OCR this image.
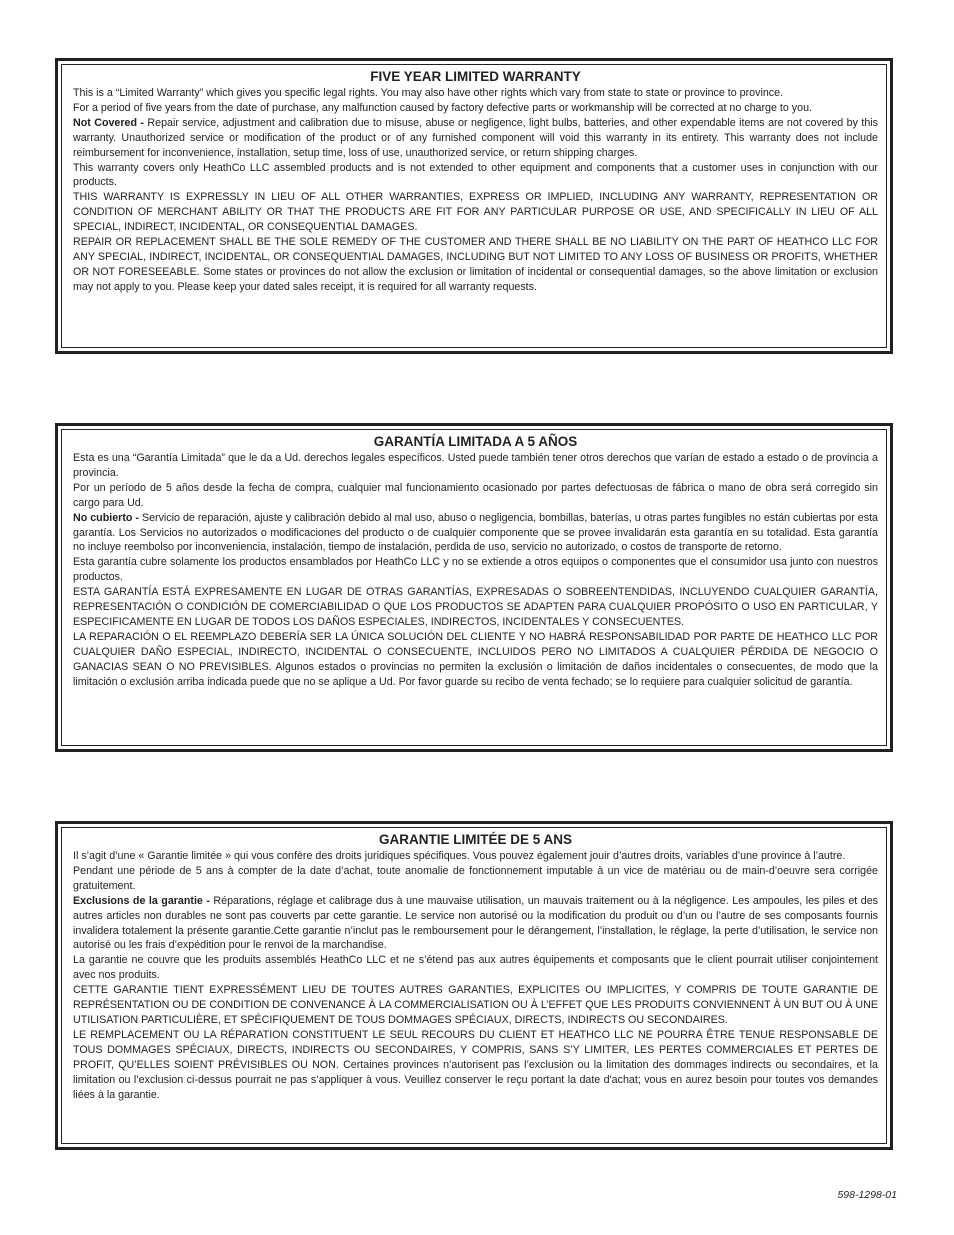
FIVE YEAR LIMITED WARRANTY

This is a “Limited Warranty” which gives you specific legal rights. You may also have other rights which vary from state to state or province to province.

For a period of five years from the date of purchase, any malfunction caused by factory defective parts or workmanship will be corrected at no charge to you.

Not Covered - Repair service, adjustment and calibration due to misuse, abuse or negligence, light bulbs, batteries, and other expendable items are not covered by this warranty. Unauthorized service or modification of the product or of any furnished component will void this warranty in its entirety. This warranty does not include reimbursement for inconvenience, installation, setup time, loss of use, unauthorized service, or return shipping charges.

This warranty covers only HeathCo LLC assembled products and is not extended to other equipment and components that a customer uses in conjunction with our products.

THIS WARRANTY IS EXPRESSLY IN LIEU OF ALL OTHER WARRANTIES, EXPRESS OR IMPLIED, INCLUDING ANY WARRANTY, REPRESENTATION OR CONDITION OF MERCHANT ABILITY OR THAT THE PRODUCTS ARE FIT FOR ANY PARTICULAR PURPOSE OR USE, AND SPECIFICALLY IN LIEU OF ALL SPECIAL, INDIRECT, INCIDENTAL, OR CONSEQUENTIAL DAMAGES.

REPAIR OR REPLACEMENT SHALL BE THE SOLE REMEDY OF THE CUSTOMER AND THERE SHALL BE NO LIABILITY ON THE PART OF HEATHCO LLC FOR ANY SPECIAL, INDIRECT, INCIDENTAL, OR CONSEQUENTIAL DAMAGES, INCLUDING BUT NOT LIMITED TO ANY LOSS OF BUSINESS OR PROFITS, WHETHER OR NOT FORESEEABLE. Some states or provinces do not allow the exclusion or limitation of incidental or consequential damages, so the above limitation or exclusion may not apply to you. Please keep your dated sales receipt, it is required for all warranty requests.

GARANTÍA LIMITADA A 5 AÑOS

Esta es una “Garantía Limitada” que le da a Ud. derechos legales específicos. Usted puede también tener otros derechos que varían de estado a estado o de provincia a provincia.

Por un período de 5 años desde la fecha de compra, cualquier mal funcionamiento ocasionado por partes defectuosas de fábrica o mano de obra será corregido sin cargo para Ud.

No cubierto - Servicio de reparación, ajuste y calibración debido al mal uso, abuso o negligencia, bombillas, baterías, u otras partes fungibles no están cubiertas por esta garantía. Los Servicios no autorizados o modificaciones del producto o de cualquier componente que se provee invalidarán esta garantía en su totalidad. Esta garantía no incluye reembolso por inconveniencia, instalación, tiempo de instalación, perdida de uso, servicio no autorizado, o costos de transporte de retorno.

Esta garantía cubre solamente los productos ensamblados por HeathCo LLC y no se extiende a otros equipos o componentes que el consumidor usa junto con nuestros productos.

ESTA GARANTÍA ESTÁ EXPRESAMENTE EN LUGAR DE OTRAS GARANTÍAS, EXPRESADAS O SOBREENTENDIDAS, INCLUYENDO CUALQUIER GARANTÍA, REPRESENTACIÓN O CONDICIÓN DE COMERCIABILIDAD O QUE LOS PRODUCTOS SE ADAPTEN PARA CUALQUIER PROPÓSITO O USO EN PARTICULAR, Y ESPECIFICAMENTE EN LUGAR DE TODOS LOS DAÑOS ESPECIALES, INDIRECTOS, INCIDENTALES Y CONSECUENTES.

LA REPARACIÓN O EL REEMPLAZO DEBERÍA SER LA ÚNICA SOLUCIÓN DEL CLIENTE Y NO HABRÁ RESPONSABILIDAD POR PARTE DE HEATHCO LLC POR CUALQUIER DAÑO ESPECIAL, INDIRECTO, INCIDENTAL O CONSECUENTE, INCLUIDOS PERO NO LIMITADOS A CUALQUIER PÉRDIDA DE NEGOCIO O GANACIAS SEAN O NO PREVISIBLES. Algunos estados o provincias no permiten la exclusión o limitación de daños incidentales o consecuentes, de modo que la limitación o exclusión arriba indicada puede que no se aplique a Ud. Por favor guarde su recibo de venta fechado; se lo requiere para cualquier solicitud de garantía.

GARANTIE LIMITÉE DE 5 ANS

Il s’agit d’une « Garantie limitée » qui vous confère des droits juridiques spécifiques. Vous pouvez également jouir d’autres droits, variables d’une province à l’autre.

Pendant une période de 5 ans à compter de la date d’achat, toute anomalie de fonctionnement imputable à un vice de matériau ou de main-d’oeuvre sera corrigée gratuitement.

Exclusions de la garantie - Réparations, réglage et calibrage dus à une mauvaise utilisation, un mauvais traitement ou à la négligence. Les ampoules, les piles et des autres articles non durables ne sont pas couverts par cette garantie. Le service non autorisé ou la modification du produit ou d’un ou l’autre de ses composants fournis invalidera totalement la présente garantie.Cette garantie n’inclut pas le remboursement pour le dérangement, l’installation, le réglage, la perte d’utilisation, le service non autorisé ou les frais d’expédition pour le renvoi de la marchandise.

La garantie ne couvre que les produits assemblés HeathCo LLC et ne s’étend pas aux autres équipements et composants que le client pourrait utiliser conjointement avec nos produits.

CETTE GARANTIE TIENT EXPRESSÉMENT LIEU DE TOUTES AUTRES GARANTIES, EXPLICITES OU IMPLICITES, Y COMPRIS DE TOUTE GARANTIE DE REPRÉSENTATION OU DE CONDITION DE CONVENANCE À LA COMMERCIALISATION OU À L’EFFET QUE LES PRODUITS CONVIENNENT À UN BUT OU À UNE UTILISATION PARTICULIÈRE, ET SPÉCIFIQUEMENT DE TOUS DOMMAGES SPÉCIAUX, DIRECTS, INDIRECTS OU SECONDAIRES.

LE REMPLACEMENT OU LA RÉPARATION CONSTITUENT LE SEUL RECOURS DU CLIENT ET HEATHCO LLC NE POURRA ÊTRE TENUE RESPONSABLE DE TOUS DOMMAGES SPÉCIAUX, DIRECTS, INDIRECTS OU SECONDAIRES, Y COMPRIS, SANS S’Y LIMITER, LES PERTES COMMERCIALES ET PERTES DE PROFIT, QU’ELLES SOIENT PRÉVISIBLES OU NON. Certaines provinces n’autorisent pas l’exclusion ou la limitation des dommages indirects ou secondaires, et la limitation ou l’exclusion ci-dessus pourrait ne pas s’appliquer à vous. Veuillez conserver le reçu portant la date d'achat; vous en aurez besoin pour toutes vos demandes liées à la garantie.

598-1298-01
